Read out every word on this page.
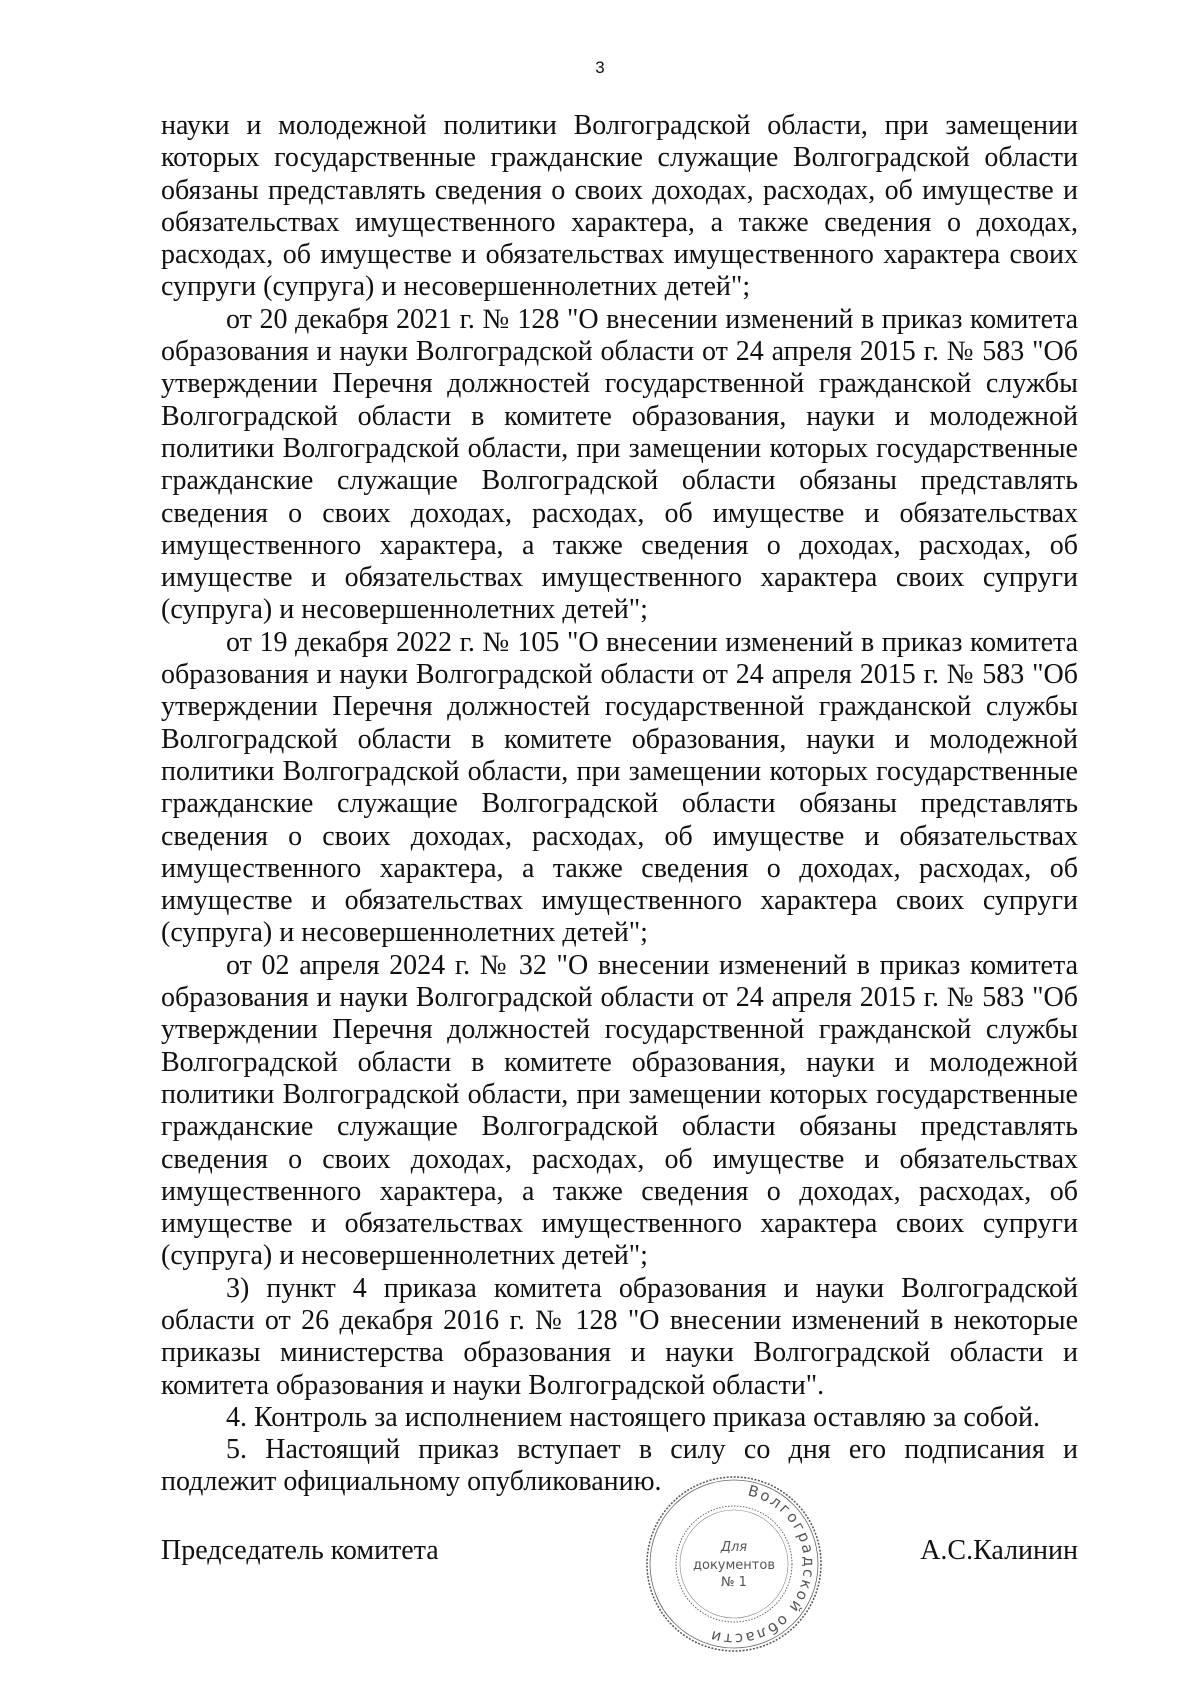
3

науки и молодежной политики Волгоградской области, при замещении которых государственные гражданские служащие Волгоградской области обязаны представлять сведения о своих доходах, расходах, об имуществе и обязательствах имущественного характера, а также сведения о доходах, расходах, об имуществе и обязательствах имущественного характера своих супруги (супруга) и несовершеннолетних детей";

от 20 декабря 2021 г. № 128 "О внесении изменений в приказ комитета образования и науки Волгоградской области от 24 апреля 2015 г. № 583 "Об утверждении Перечня должностей государственной гражданской службы Волгоградской области в комитете образования, науки и молодежной политики Волгоградской области, при замещении которых государственные гражданские служащие Волгоградской области обязаны представлять сведения о своих доходах, расходах, об имуществе и обязательствах имущественного характера, а также сведения о доходах, расходах, об имуществе и обязательствах имущественного характера своих супруги (супруга) и несовершеннолетних детей";

от 19 декабря 2022 г. № 105 "О внесении изменений в приказ комитета образования и науки Волгоградской области от 24 апреля 2015 г. № 583 "Об утверждении Перечня должностей государственной гражданской службы Волгоградской области в комитете образования, науки и молодежной политики Волгоградской области, при замещении которых государственные гражданские служащие Волгоградской области обязаны представлять сведения о своих доходах, расходах, об имуществе и обязательствах имущественного характера, а также сведения о доходах, расходах, об имуществе и обязательствах имущественного характера своих супруги (супруга) и несовершеннолетних детей";

от 02 апреля 2024 г. № 32 "О внесении изменений в приказ комитета образования и науки Волгоградской области от 24 апреля 2015 г. № 583 "Об утверждении Перечня должностей государственной гражданской службы Волгоградской области в комитете образования, науки и молодежной политики Волгоградской области, при замещении которых государственные гражданские служащие Волгоградской области обязаны представлять сведения о своих доходах, расходах, об имуществе и обязательствах имущественного характера, а также сведения о доходах, расходах, об имуществе и обязательствах имущественного характера своих супруги (супруга) и несовершеннолетних детей";

3) пункт 4 приказа комитета образования и науки Волгоградской области от 26 декабря 2016 г. № 128 "О внесении изменений в некоторые приказы министерства образования и науки Волгоградской области и комитета образования и науки Волгоградской области".

4. Контроль за исполнением настоящего приказа оставляю за собой.

5. Настоящий приказ вступает в силу со дня его подписания и подлежит официальному опубликованию.

Председатель комитета
Волгоградской области
Для
документов
№ 1
А.С.Калинин
